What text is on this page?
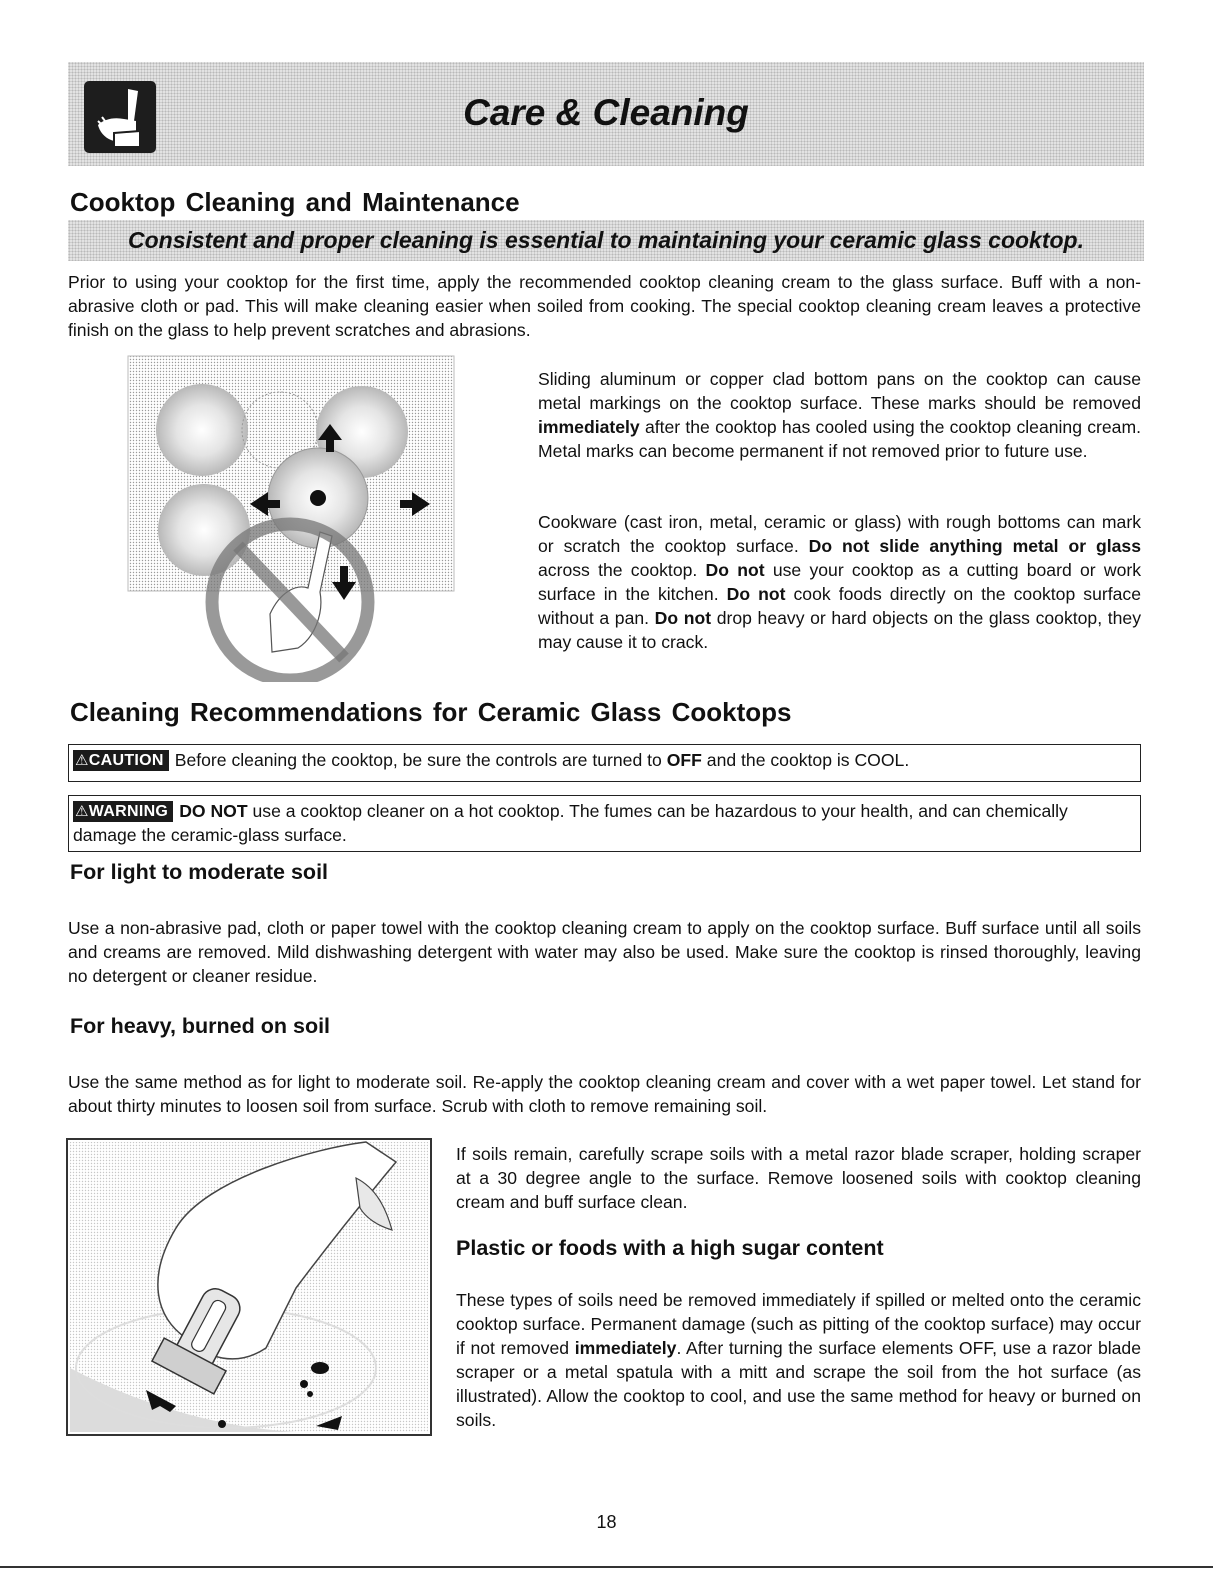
Care & Cleaning
Cooktop Cleaning and Maintenance
Consistent and proper cleaning is essential to maintaining your ceramic glass cooktop.

Prior to using your cooktop for the first time, apply the recommended cooktop cleaning cream to the glass surface. Buff with a non-abrasive cloth or pad. This will make cleaning easier when soiled from cooking. The special cooktop cleaning cream leaves a protective finish on the glass to help prevent scratches and abrasions.

Sliding aluminum or copper clad bottom pans on the cooktop can cause metal markings on the cooktop surface. These marks should be removed immediately after the cooktop has cooled using the cooktop cleaning cream. Metal marks can become permanent if not removed prior to future use.

Cookware (cast iron, metal, ceramic or glass) with rough bottoms can mark or scratch the cooktop surface. Do not slide anything metal or glass across the cooktop. Do not use your cooktop as a cutting board or work surface in the kitchen. Do not cook foods directly on the cooktop surface without a pan. Do not drop heavy or hard objects on the glass cooktop, they may cause it to crack.

Cleaning Recommendations for Ceramic Glass Cooktops
⚠CAUTION Before cleaning the cooktop, be sure the controls are turned to OFF and the cooktop is COOL.
⚠WARNING DO NOT use a cooktop cleaner on a hot cooktop. The fumes can be hazardous to your health, and can chemically damage the ceramic-glass surface.
For light to moderate soil

Use a non-abrasive pad, cloth or paper towel with the cooktop cleaning cream to apply on the cooktop surface. Buff surface until all soils and creams are removed. Mild dishwashing detergent with water may also be used. Make sure the cooktop is rinsed thoroughly, leaving no detergent or cleaner residue.

For heavy, burned on soil

Use the same method as for light to moderate soil. Re-apply the cooktop cleaning cream and cover with a wet paper towel. Let stand for about thirty minutes to loosen soil from surface. Scrub with cloth to remove remaining soil.

If soils remain, carefully scrape soils with a metal razor blade scraper, holding scraper at a 30 degree angle to the surface. Remove loosened soils with cooktop cleaning cream and buff surface clean.

Plastic or foods with a high sugar content

These types of soils need be removed immediately if spilled or melted onto the ceramic cooktop surface. Permanent damage (such as pitting of the cooktop surface) may occur if not removed immediately. After turning the surface elements OFF, use a razor blade scraper or a metal spatula with a mitt and scrape the soil from the hot surface (as illustrated). Allow the cooktop to cool, and use the same method for heavy or burned on soils.

18
